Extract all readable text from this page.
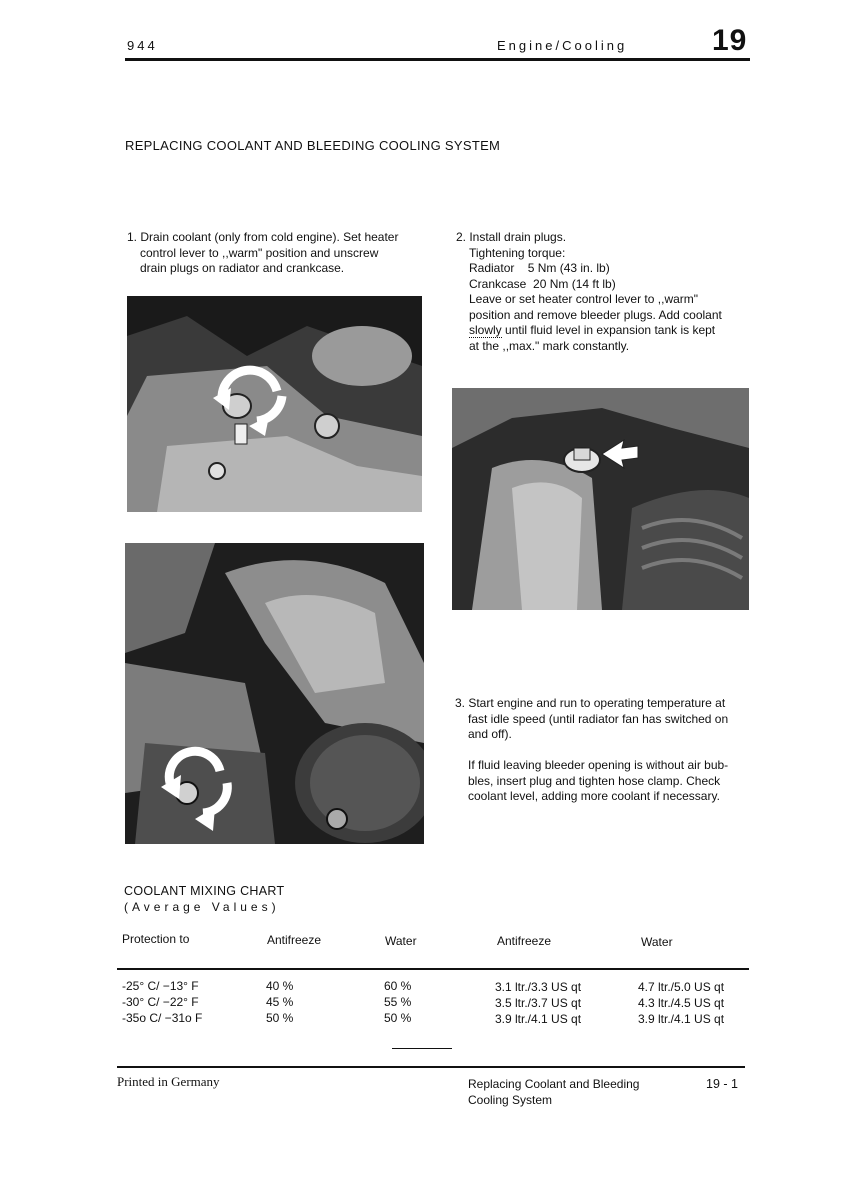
944	Engine/Cooling	19
REPLACING COOLANT AND BLEEDING COOLING SYSTEM
1. Drain coolant (only from cold engine). Set heater
control lever to ,,warm" position and unscrew
drain plugs on radiator and crankcase.
2. Install drain plugs.
Tightening torque:
Radiator    5 Nm (43 in. lb)
Crankcase  20 Nm (14 ft lb)
Leave or set heater control lever to ,,warm"
position and remove bleeder plugs. Add coolant
slowly until fluid level in expansion tank is kept
at the ,,max." mark constantly.
3. Start engine and run to operating temperature at
fast idle speed (until radiator fan has switched on
and off).
If fluid leaving bleeder opening is without air bub-
bles, insert plug and tighten hose clamp. Check
coolant level, adding more coolant if necessary.
COOLANT MIXING CHART
(Average Values)
Protection to	Antifreeze	Water	Antifreeze	Water
-25° C/ −13° F	40 %	60 %	3.1 ltr./3.3 US qt	4.7 ltr./5.0 US qt
-30° C/ −22° F	45 %	55 %	3.5 ltr./3.7 US qt	4.3 ltr./4.5 US qt
-35o C/ −31o F	50 %	50 %	3.9 ltr./4.1 US qt	3.9 ltr./4.1 US qt
Printed in Germany	Replacing Coolant and Bleeding
Cooling System
19 - 1
